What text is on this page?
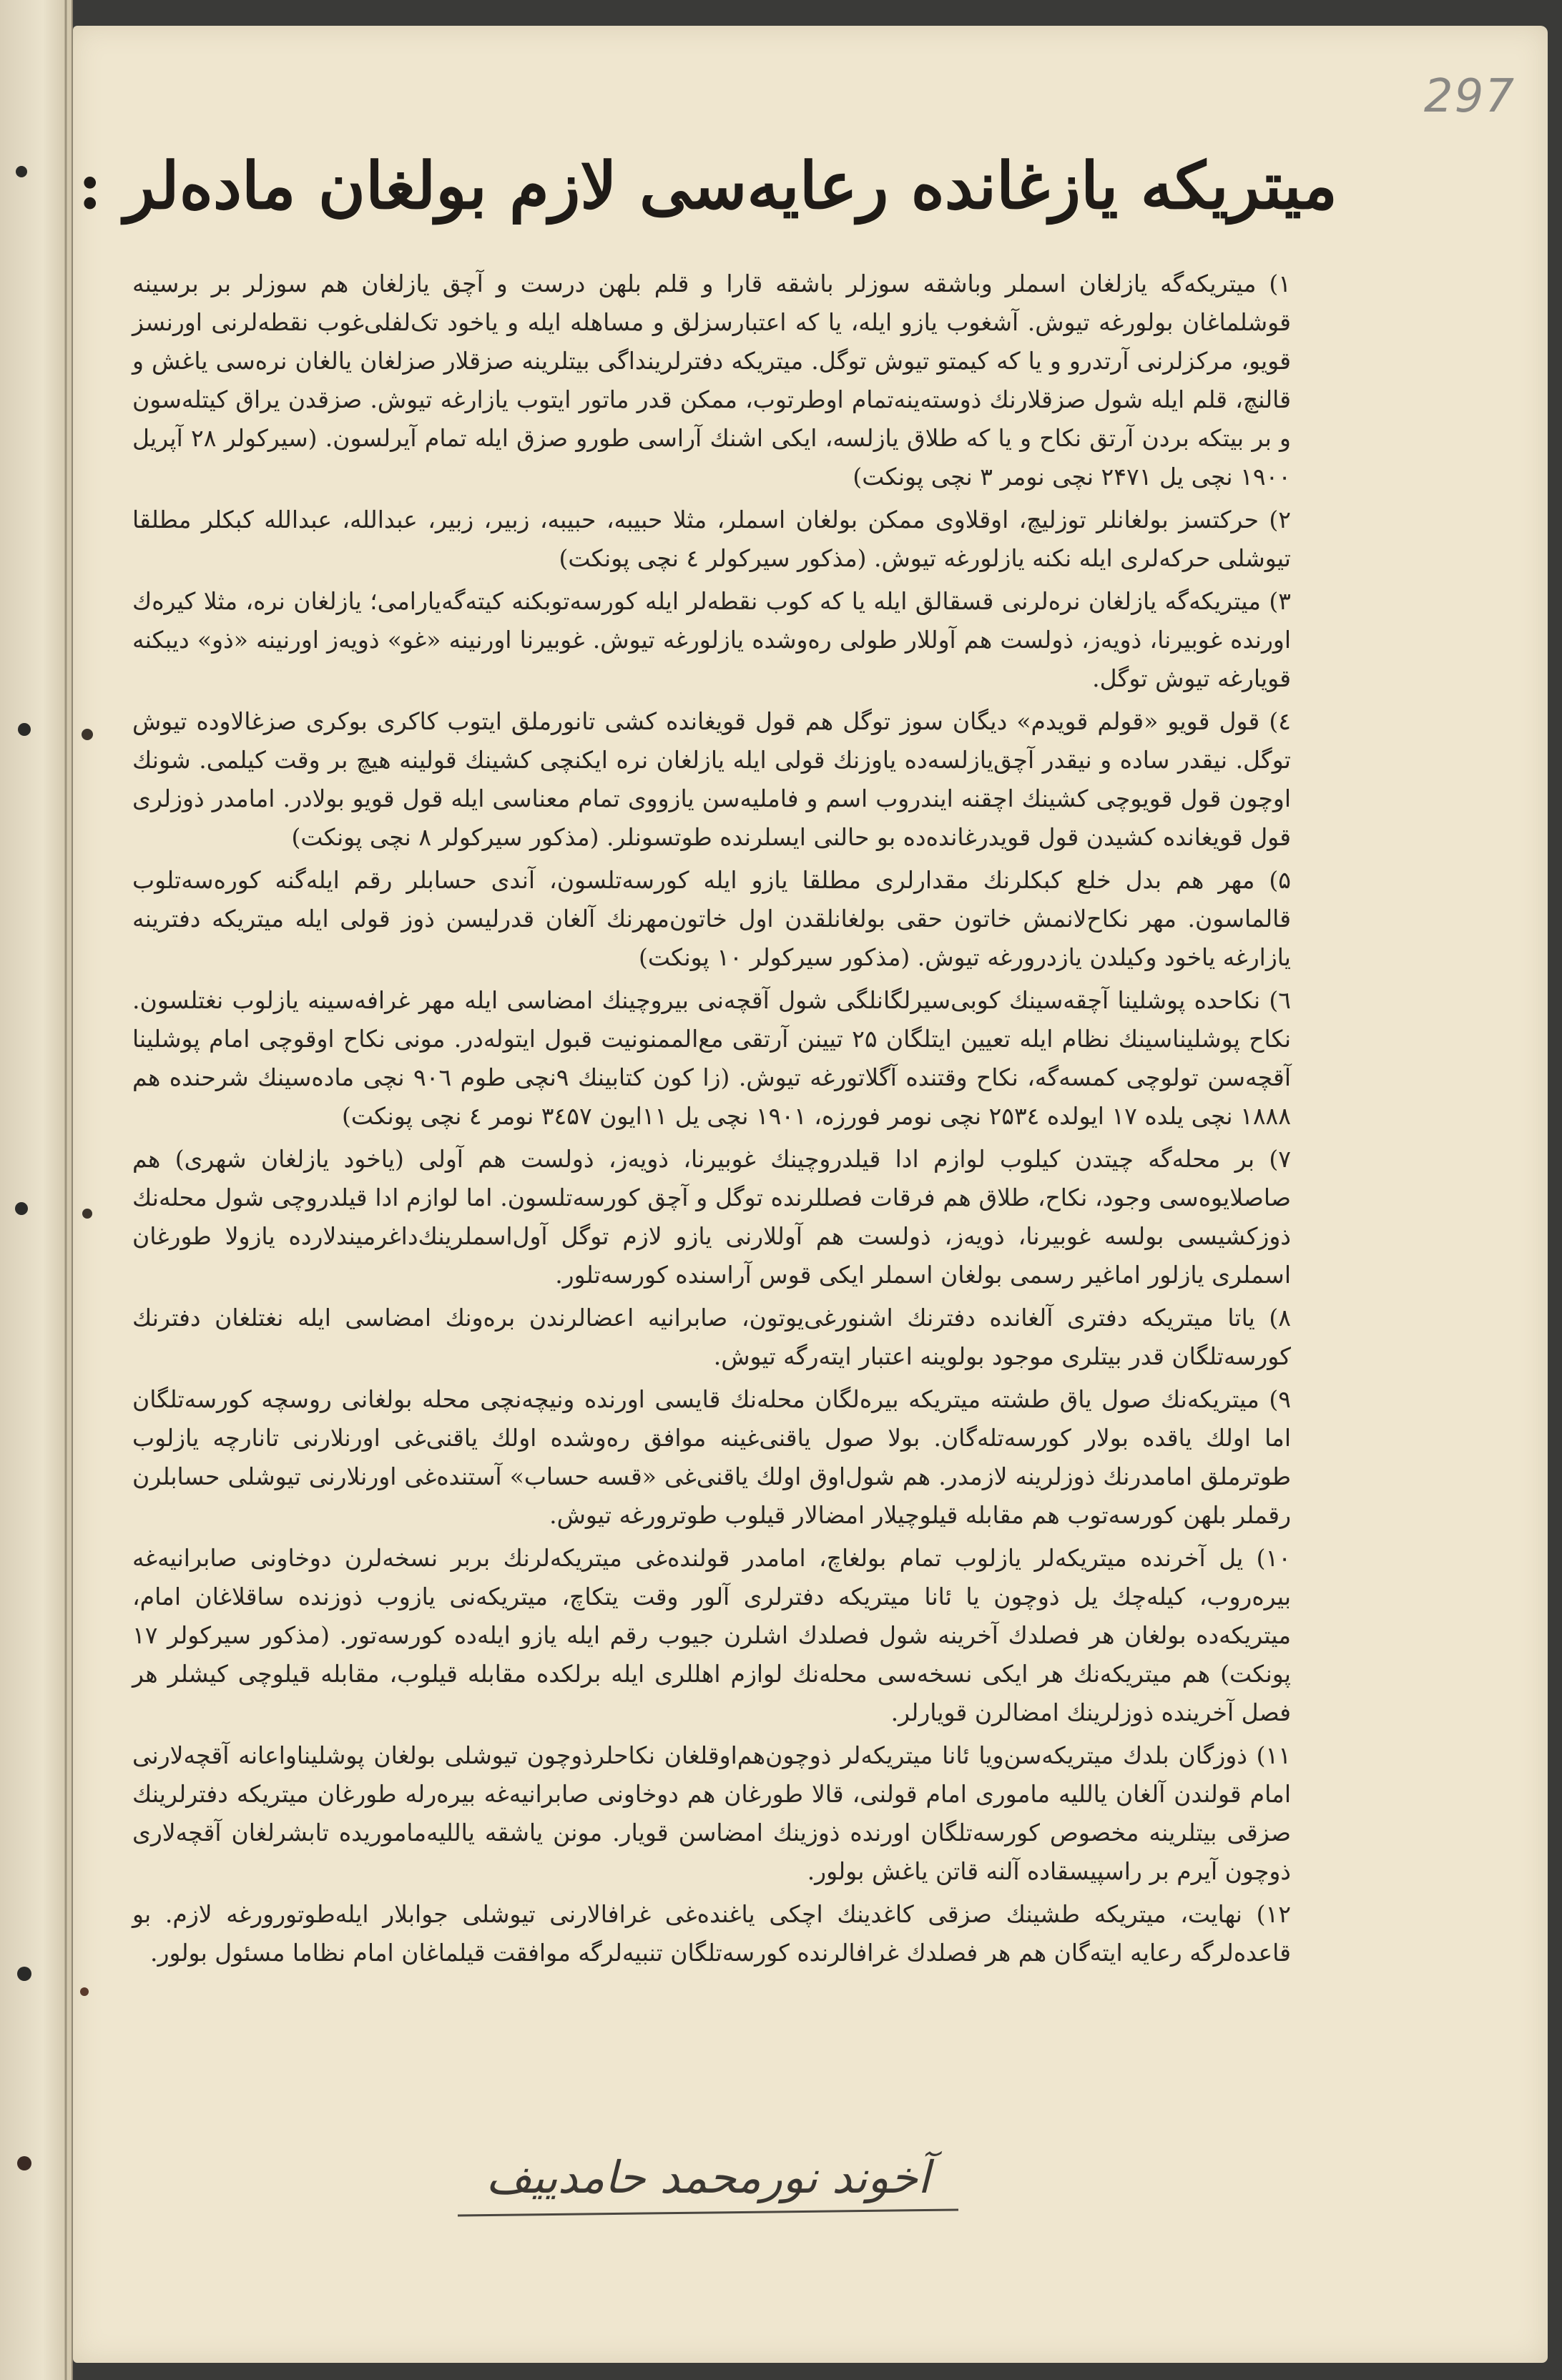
297
میتریکه یازغانده رعایه‌سی لازم بولغان ماده‌لر :

۱) میتریکه‌گه یازلغان اسملر وباشقه سوزلر باشقه قارا و قلم بلهن درست و آچق یازلغان هم سوزلر بر برسینه قوشلماغان بولورغه تیوش. آشغوب یازو ایله، یا که اعتبارسزلق و مساهله ایله و یاخود تک‌لفلی‌غوب نقطه‌لرنی اورنسز قویو، مرکزلرنی آرتدرو و یا که کیمتو تیوش توگل. میتریکه دفترلرینداگی بیتلرینه صزقلار صزلغان یالغان نره‌سی یاغش و قالنچ، قلم ایله شول صزقلارنك ذوسته‌ینه‌تمام اوطرتوب، ممکن قدر ماتور ایتوب یازارغه تیوش. صزقدن یراق کیتله‌سون و بر بیتکه بردن آرتق نکاح و یا که طلاق یازلسه، ایکی اشنك آراسی طورو صزق ایله تمام آیرلسون. (سیرکولر ۲۸ آپریل ۱۹۰۰ نچی یل ۲۴۷۱ نچی نومر ۳ نچی پونکت)

۲) حرکتسز بولغانلر توزلیچ، اوقلاوی ممکن بولغان اسملر، مثلا حبیبه، حبیبه، زبیر، زبیر، عبدالله، عبدالله کبکلر مطلقا تیوشلی حرکه‌لری ایله نکنه یازلورغه تیوش. (مذکور سیرکولر ٤ نچی پونکت)

۳) میتریکه‌گه یازلغان نره‌لرنی قسقالق ایله یا که کوب نقطه‌لر ایله کورسه‌توبکنه کیته‌گه‌یارامی؛ یازلغان نره، مثلا کیره‌ك اورنده غوبیرنا، ذویه‌ز، ذولست هم آوللار طولی ره‌وشده یازلورغه تیوش. غوبیرنا اورنینه «غو» ذویه‌ز اورنینه «ذو» دیبکنه قویارغه تیوش توگل.

٤) قول قویو «قولم قویدم» دیگان سوز توگل هم قول قویغانده کشی تانورملق ایتوب کاکری بوکری صزغالاوده تیوش توگل. نیقدر ساده و نیقدر آچق‌یازلسه‌ده یاوزنك قولی ایله یازلغان نره ایکنچی کشینك قولینه هیچ بر وقت کیلمی. شونك اوچون قول قویوچی کشینك اچقنه ایندروب اسم و فاملیه‌سن یازووی تمام معناسی ایله قول قویو بولادر. امامدر ذوزلری قول قویغانده کشیدن قول قویدرغانده‌ده بو حالنی ایسلرنده طوتسونلر. (مذکور سیرکولر ۸ نچی پونکت)

۵) مهر هم بدل خلع کبکلرنك مقدارلری مطلقا یازو ایله کورسه‌تلسون، آندی حسابلر رقم ایله‌گنه کوره‌سه‌تلوب قالماسون. مهر نکاح‌لانمش خاتون حقی بولغانلقدن اول خاتون‌مهرنك آلغان قدرلیسن ذوز قولی ایله میتریکه دفترینه یازارغه یاخود وکیلدن یازدرورغه تیوش. (مذکور سیرکولر ۱۰ پونکت)

٦) نکاحده پوشلینا آچقه‌سینك کوبی‌سیرلگانلگی شول آقچه‌نی بیروچینك امضاسی ایله مهر غرافه‌سینه یازلوب نغتلسون. نکاح پوشلیناسینك نظام ایله تعیین ایتلگان ۲۵ تیینن آرتقی مع‌الممنونیت قبول ایتوله‌در. مونی نکاح اوقوچی امام پوشلینا آقچه‌سن تولوچی کمسه‌گه، نکاح وقتنده آگلاتورغه تیوش. (زا کون کتابینك ٩نچی طوم ۹۰٦ نچی ماده‌سینك شرحنده هم ۱۸۸۸ نچی یلده ۱۷ ایولده ۲۵۳٤ نچی نومر فورزه، ۱۹۰۱ نچی یل ۱۱ایون ۳٤۵۷ نومر ٤ نچی پونکت)

۷) بر محله‌گه چیتدن کیلوب لوازم ادا قیلدروچینك غوبیرنا، ذویه‌ز، ذولست هم آولی (یاخود یازلغان شهری) هم صاصلایوه‌سی وجود، نکاح، طلاق هم فرقات فصللرنده توگل و آچق کورسه‌تلسون. اما لوازم ادا قیلدروچی شول محله‌نك ذوزکشیسی بولسه غوبیرنا، ذویه‌ز، ذولست هم آوللارنی یازو لازم توگل آول‌اسملرینك‌داغرمیندلارده یازولا طورغان اسملری یازلور اماغیر رسمی بولغان اسملر ایکی قوس آراسنده کورسه‌تلور.

۸) یاتا میتریکه دفتری آلغانده دفترنك اشنورغی‌یوتون، صابرانیه اعضالرندن بره‌ونك امضاسی ایله نغتلغان دفترنك کورسه‌تلگان قدر بیتلری موجود بولوینه اعتبار ایته‌رگه تیوش.

۹) میتریکه‌نك صول یاق طشته میتریکه بیره‌لگان محله‌نك قایسی اورنده ونیچه‌نچی محله بولغانی روسچه کورسه‌تلگان اما اولك یاقده بولار کورسه‌تله‌گان. بولا صول یاقنی‌غینه موافق ره‌وشده اولك یاقنی‌غی اورنلارنی تانارچه یازلوب طوترملق امامدرنك ذوزلرینه لازمدر. هم شول‌اوق اولك یاقنی‌غی «قسه حساب» آستنده‌غی اورنلارنی تیوشلی حسابلرن رقملر بلهن کورسه‌توب هم مقابله قیلوچیلار امضالار قیلوب طوترورغه تیوش.

۱۰) یل آخرنده میتریکه‌لر یازلوب تمام بولغاچ، امامدر قولنده‌غی میتریکه‌لرنك بر‌بر نسخه‌لرن دوخاونی صابرانیه‌غه بیره‌روب، کیله‌چك یل ذوچون یا ئانا میتریکه دفترلری آلور وقت یتکاچ، میتریکه‌نی یازوب ذوزنده ساقلاغان امام، میتریکه‌ده بولغان هر فصلدك آخرینه شول فصلدك اشلرن جیوب رقم ایله یازو ایله‌ده کورسه‌تور. (مذکور سیرکولر ۱۷ پونکت) هم میتریکه‌نك هر ایکی نسخه‌سی محله‌نك لوازم اهللری ایله برلکده مقابله قیلوب، مقابله قیلوچی کیشلر هر فصل آخرینده ذوزلرینك امضالرن قویارلر.

۱۱) ذوزگان بلدك میتریکه‌سن‌ویا ئانا میتریکه‌لر ذوچون‌هم‌اوقلغان نکاحلر‌ذوچون تیوشلی بولغان پوشلینا‌وا‌عانه آقچه‌لارنی امام قولندن آلغان یاللیه ماموری امام قولنی، قالا طورغان هم دوخاونی صابرانیه‌غه بیره‌رله طورغان میتریکه دفترلرینك صزقی بیتلرینه مخصوص کورسه‌تلگان اورنده ذوزینك امضاسن قویار. مونن یاشقه یاللیه‌ماموریده تابشرلغان آقچه‌لاری ذوچون آیرم بر راسپیسقاده آلنه قاتن یاغش بولور.

۱۲) نهایت، میتریکه طشینك صزقی کاغدینك اچکی یاغنده‌غی غرافالارنی تیوشلی جوابلار ایله‌طوتورورغه لازم. بو قاعده‌لرگه رعایه ایته‌گان هم هر فصلدك غرافالرنده کورسه‌تلگان تنبیه‌لرگه موافقت قیلماغان امام نظاما مسئول بولور.

آخوند نورمحمد حامدییف
